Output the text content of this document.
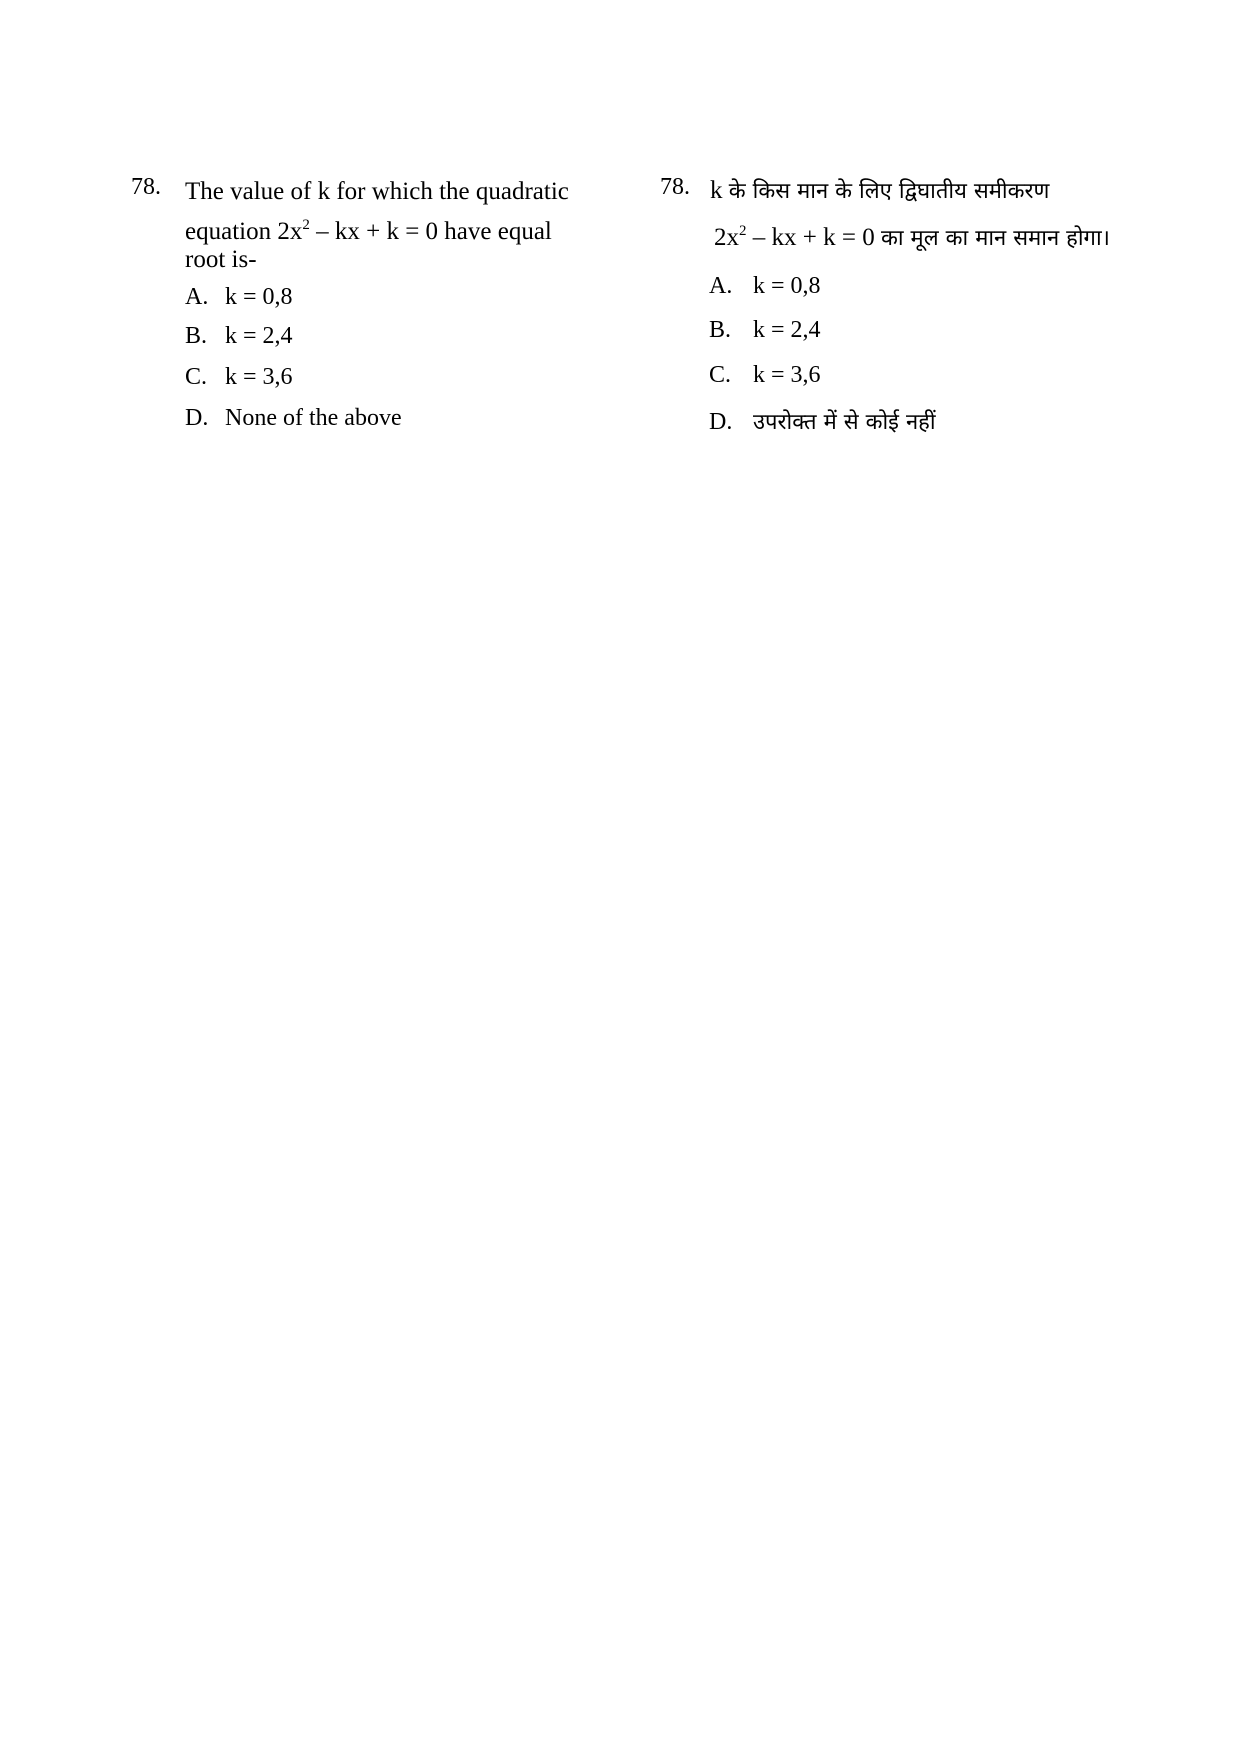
78. The value of k for which the quadratic
equation $2x^2$ – kx + k = 0 have equal
root is-
A. k = 0,8
B. k = 2,4
C. k = 3,6
D. None of the above
78. k के किस मान के लिए द्विघातीय समीकरण
$2x^2$ – kx + k = 0 का मूल का मान समान होगा।
A. k = 0,8
B. k = 2,4
C. k = 3,6
D. उपरोक्त में से कोई नहीं
